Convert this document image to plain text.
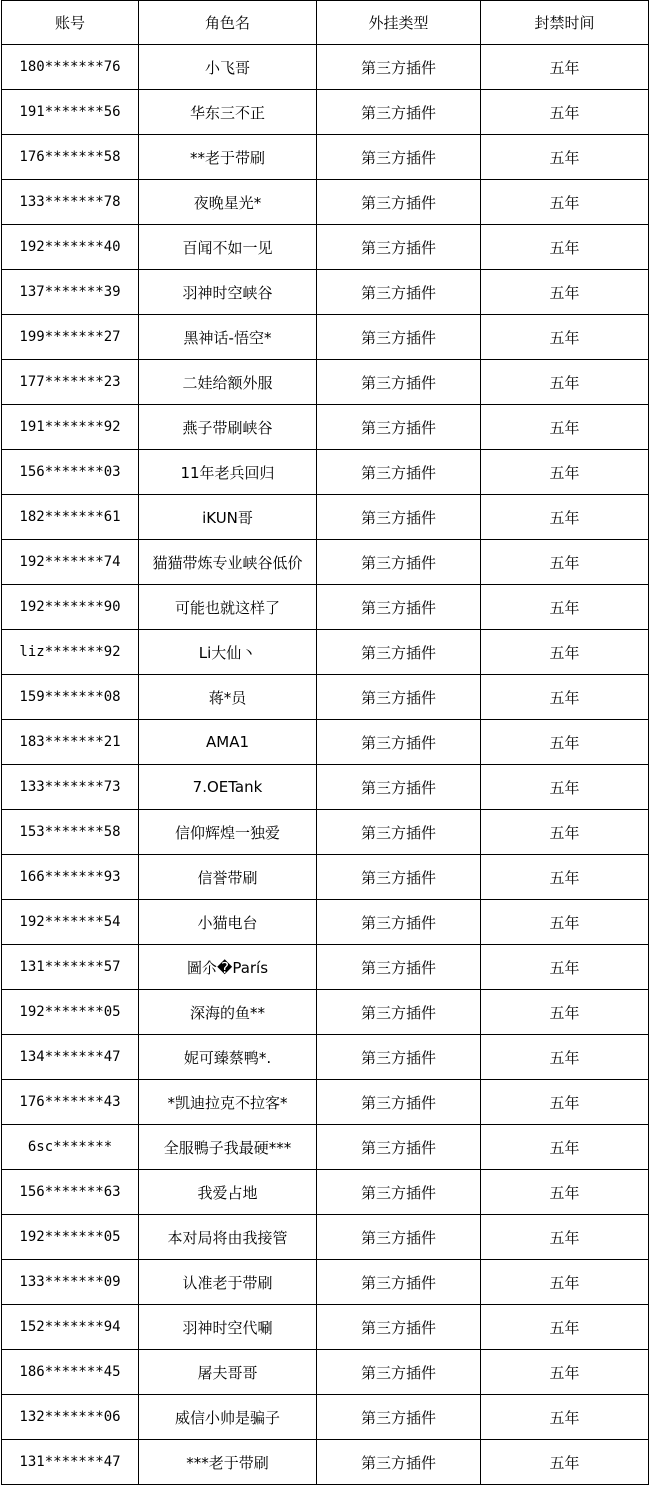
账号	角色名	外挂类型	封禁时间
180*******76	小飞哥	第三方插件	五年
191*******56	华东三不正	第三方插件	五年
176*******58	**老于带刷	第三方插件	五年
133*******78	夜晚星光*	第三方插件	五年
192*******40	百闻不如一见	第三方插件	五年
137*******39	羽神时空峡谷	第三方插件	五年
199*******27	黑神话-悟空*	第三方插件	五年
177*******23	二娃给额外服	第三方插件	五年
191*******92	燕子带刷峡谷	第三方插件	五年
156*******03	11年老兵回归	第三方插件	五年
182*******61	iKUN哥	第三方插件	五年
192*******74	猫猫带炼专业峡谷低价	第三方插件	五年
192*******90	可能也就这样了	第三方插件	五年
liz*******92	Li大仙丶	第三方插件	五年
159*******08	蒋*员	第三方插件	五年
183*******21	AMA1	第三方插件	五年
133*******73	7.OETank	第三方插件	五年
153*******58	信仰辉煌一独爱	第三方插件	五年
166*******93	信誉带刷	第三方插件	五年
192*******54	小猫电台	第三方插件	五年
131*******57	圖尒�París	第三方插件	五年
192*******05	深海的鱼**	第三方插件	五年
134*******47	妮可臻蔡鸭*.	第三方插件	五年
176*******43	*凯迪拉克不拉客*	第三方插件	五年
6sc*******	全服鴨子我最硬***	第三方插件	五年
156*******63	我爱占地	第三方插件	五年
192*******05	本对局将由我接管	第三方插件	五年
133*******09	认准老于带刷	第三方插件	五年
152*******94	羽神时空代唰	第三方插件	五年
186*******45	屠夫哥哥	第三方插件	五年
132*******06	威信小帅是骗子	第三方插件	五年
131*******47	***老于带刷	第三方插件	五年
